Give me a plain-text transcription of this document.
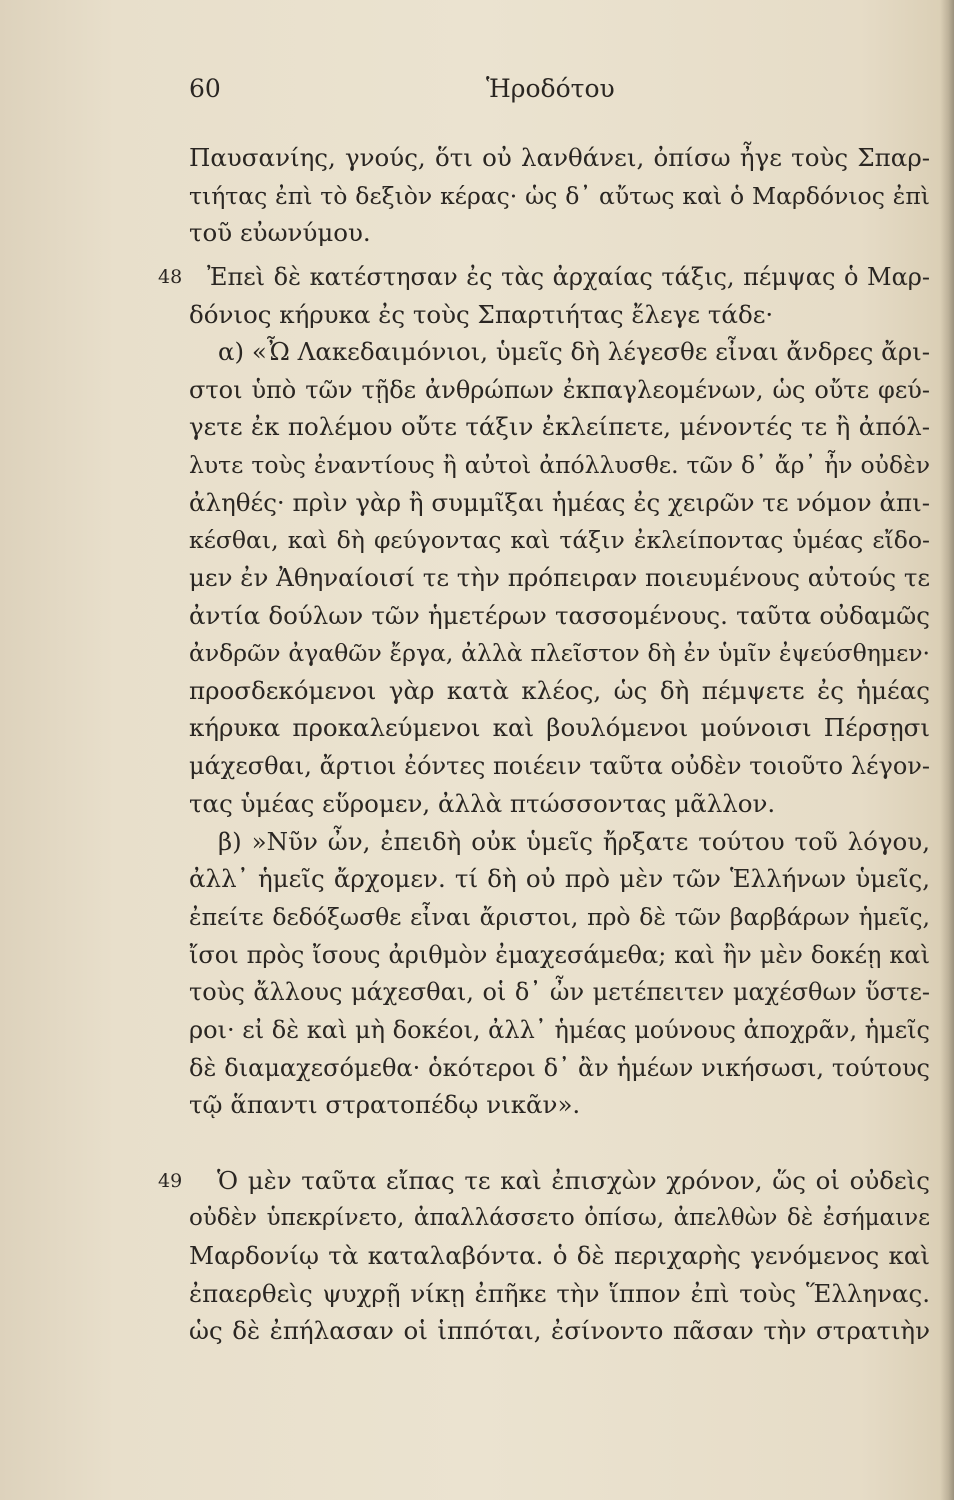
60	Ἡροδότου
48
49
Παυσανίης, γνούς, ὅτι οὐ λανθάνει, ὀπίσω ἦγε τοὺς Σπαρ-
τιήτας ἐπὶ τὸ δεξιὸν κέρας· ὡς δ᾽ αὔτως καὶ ὁ Μαρδόνιος ἐπὶ
τοῦ εὐωνύμου.
Ἐπεὶ δὲ κατέστησαν ἐς τὰς ἀρχαίας τάξις, πέμψας ὁ Μαρ-
δόνιος κήρυκα ἐς τοὺς Σπαρτιήτας ἔλεγε τάδε·
α) «Ὦ Λακεδαιμόνιοι, ὑμεῖς δὴ λέγεσθε εἶναι ἄνδρες ἄρι-
στοι ὑπὸ τῶν τῇδε ἀνθρώπων ἐκπαγλεομένων, ὡς οὔτε φεύ-
γετε ἐκ πολέμου οὔτε τάξιν ἐκλείπετε, μένοντές τε ἢ ἀπόλ-
λυτε τοὺς ἐναντίους ἢ αὐτοὶ ἀπόλλυσθε. τῶν δ᾽ ἄρ᾽ ἦν οὐδὲν
ἀληθές· πρὶν γὰρ ἢ συμμῖξαι ἡμέας ἐς χειρῶν τε νόμον ἀπι-
κέσθαι, καὶ δὴ φεύγοντας καὶ τάξιν ἐκλείποντας ὑμέας εἴδο-
μεν ἐν Ἀθηναίοισί τε τὴν πρόπειραν ποιευμένους αὐτούς τε
ἀντία δούλων τῶν ἡμετέρων τασσομένους. ταῦτα οὐδαμῶς
ἀνδρῶν ἀγαθῶν ἔργα, ἀλλὰ πλεῖστον δὴ ἐν ὑμῖν ἐψεύσθημεν·
προσδεκόμενοι γὰρ κατὰ κλέος, ὡς δὴ πέμψετε ἐς ἡμέας
κήρυκα προκαλεύμενοι καὶ βουλόμενοι μούνοισι Πέρσῃσι
μάχεσθαι, ἄρτιοι ἐόντες ποιέειν ταῦτα οὐδὲν τοιοῦτο λέγον-
τας ὑμέας εὕρομεν, ἀλλὰ πτώσσοντας μᾶλλον.
β) »Νῦν ὦν, ἐπειδὴ οὐκ ὑμεῖς ἤρξατε τούτου τοῦ λόγου,
ἀλλ᾽ ἡμεῖς ἄρχομεν. τί δὴ οὐ πρὸ μὲν τῶν Ἑλλήνων ὑμεῖς,
ἐπείτε δεδόξωσθε εἶναι ἄριστοι, πρὸ δὲ τῶν βαρβάρων ἡμεῖς,
ἴσοι πρὸς ἴσους ἀριθμὸν ἐμαχεσάμεθα; καὶ ἢν μὲν δοκέῃ καὶ
τοὺς ἄλλους μάχεσθαι, οἱ δ᾽ ὦν μετέπειτεν μαχέσθων ὕστε-
ροι· εἰ δὲ καὶ μὴ δοκέοι, ἀλλ᾽ ἡμέας μούνους ἀποχρᾶν, ἡμεῖς
δὲ διαμαχεσόμεθα· ὁκότεροι δ᾽ ἂν ἡμέων νικήσωσι, τούτους
τῷ ἅπαντι στρατοπέδῳ νικᾶν».
Ὁ μὲν ταῦτα εἴπας τε καὶ ἐπισχὼν χρόνον, ὥς οἱ οὐδεὶς
οὐδὲν ὑπεκρίνετο, ἀπαλλάσσετο ὀπίσω, ἀπελθὼν δὲ ἐσήμαινε
Μαρδονίῳ τὰ καταλαβόντα. ὁ δὲ περιχαρὴς γενόμενος καὶ
ἐπαερθεὶς ψυχρῇ νίκῃ ἐπῆκε τὴν ἵππον ἐπὶ τοὺς Ἕλληνας.
ὡς δὲ ἐπήλασαν οἱ ἱππόται, ἐσίνοντο πᾶσαν τὴν στρατιὴν
